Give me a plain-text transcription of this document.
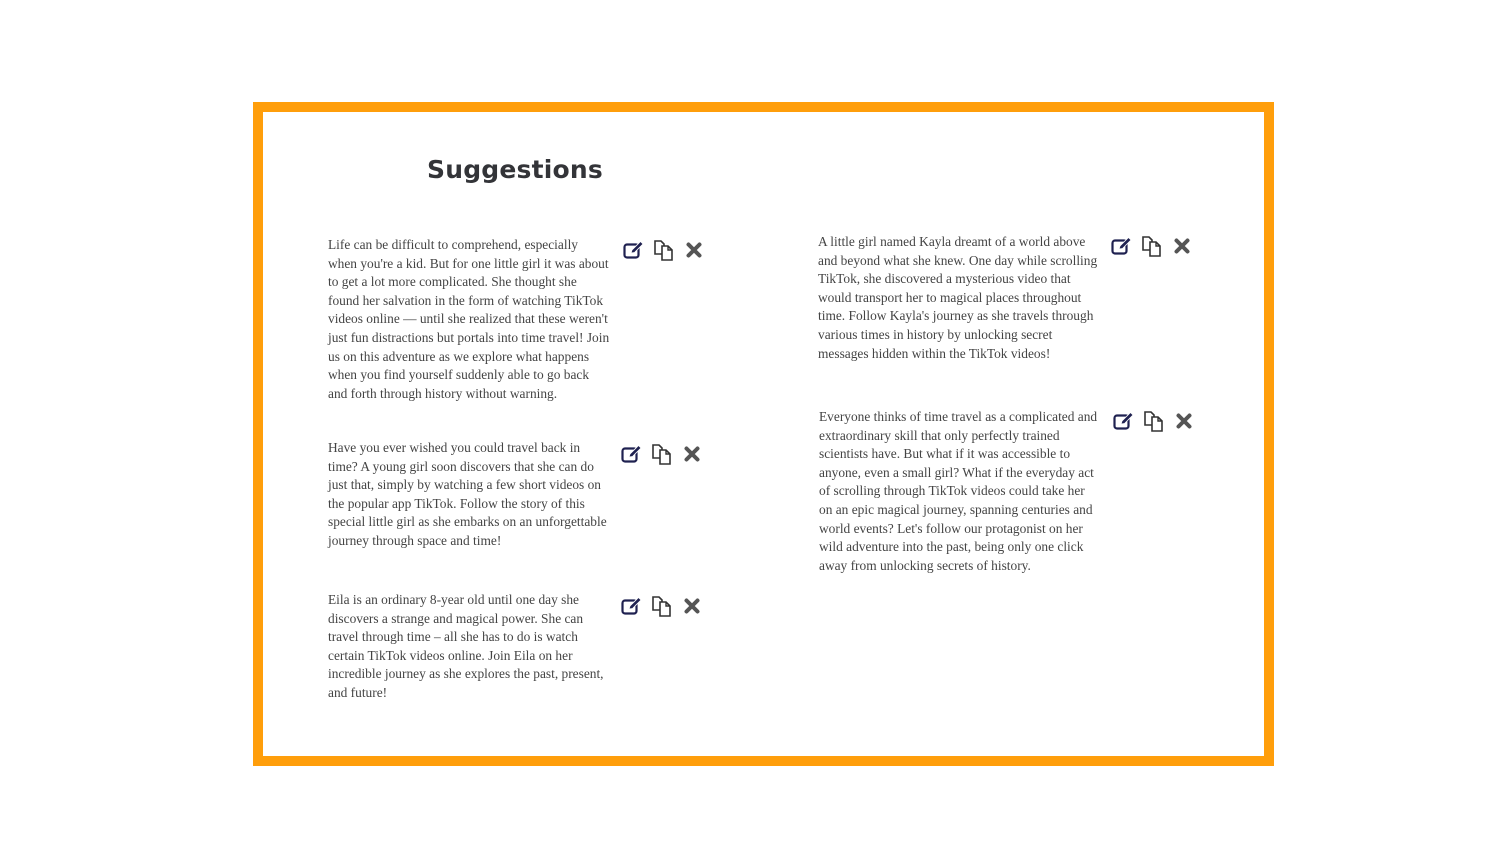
Suggestions

Life can be difficult to comprehend, especially when you're a kid. But for one little girl it was about to get a lot more complicated. She thought she found her salvation in the form of watching TikTok videos online — until she realized that these weren't just fun distractions but portals into time travel! Join us on this adventure as we explore what happens when you find yourself suddenly able to go back and forth through history without warning.

Have you ever wished you could travel back in time? A young girl soon discovers that she can do just that, simply by watching a few short videos on the popular app TikTok. Follow the story of this special little girl as she embarks on an unforgettable journey through space and time!

Eila is an ordinary 8-year old until one day she discovers a strange and magical power. She can travel through time – all she has to do is watch certain TikTok videos online. Join Eila on her incredible journey as she explores the past, present, and future!

A little girl named Kayla dreamt of a world above and beyond what she knew. One day while scrolling TikTok, she discovered a mysterious video that would transport her to magical places throughout time. Follow Kayla's journey as she travels through various times in history by unlocking secret messages hidden within the TikTok videos!

Everyone thinks of time travel as a complicated and extraordinary skill that only perfectly trained scientists have. But what if it was accessible to anyone, even a small girl? What if the everyday act of scrolling through TikTok videos could take her on an epic magical journey, spanning centuries and world events? Let's follow our protagonist on her wild adventure into the past, being only one click away from unlocking secrets of history.
